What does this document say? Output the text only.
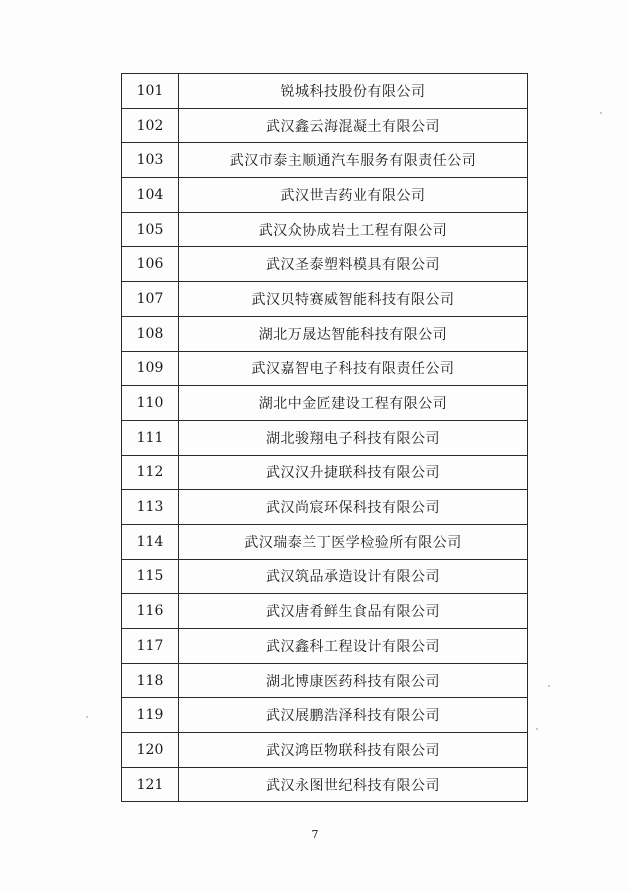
101	锐城科技股份有限公司
102	武汉鑫云海混凝土有限公司
103	武汉市泰主顺通汽车服务有限责任公司
104	武汉世吉药业有限公司
105	武汉众协成岩土工程有限公司
106	武汉圣泰塑料模具有限公司
107	武汉贝特赛威智能科技有限公司
108	湖北万晟达智能科技有限公司
109	武汉嘉智电子科技有限责任公司
110	湖北中金匠建设工程有限公司
111	湖北骏翔电子科技有限公司
112	武汉汉升捷联科技有限公司
113	武汉尚宸环保科技有限公司
114	武汉瑞泰兰丁医学检验所有限公司
115	武汉筑品承造设计有限公司
116	武汉唐肴鲜生食品有限公司
117	武汉鑫科工程设计有限公司
118	湖北博康医药科技有限公司
119	武汉展鹏浩泽科技有限公司
120	武汉鸿臣物联科技有限公司
121	武汉永图世纪科技有限公司
7
